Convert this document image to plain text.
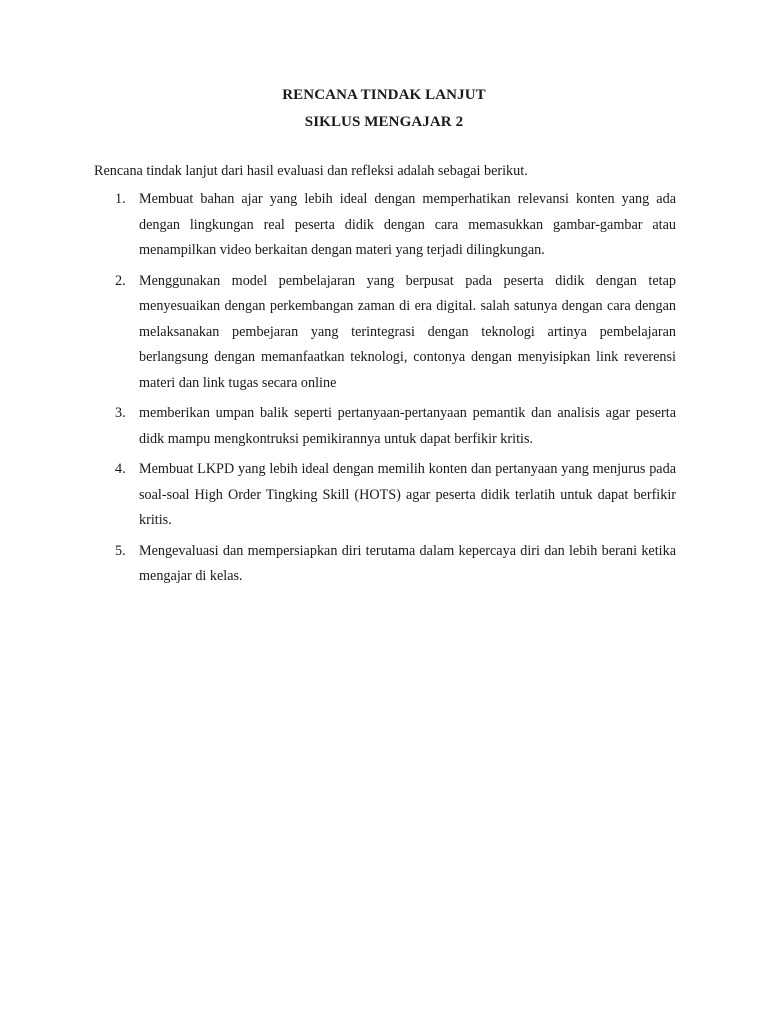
RENCANA TINDAK LANJUT
SIKLUS MENGAJAR 2
Rencana tindak lanjut dari hasil evaluasi dan refleksi adalah sebagai berikut.
1. Membuat bahan ajar yang lebih ideal dengan memperhatikan relevansi konten yang ada dengan lingkungan real peserta didik dengan cara memasukkan gambar-gambar atau menampilkan video berkaitan dengan materi yang terjadi dilingkungan.
2. Menggunakan model pembelajaran yang berpusat pada peserta didik dengan tetap menyesuaikan dengan perkembangan zaman di era digital. salah satunya dengan cara dengan melaksanakan pembejaran yang terintegrasi dengan teknologi artinya pembelajaran berlangsung dengan memanfaatkan teknologi, contonya dengan menyisipkan link reverensi materi dan link tugas secara online
3. memberikan umpan balik seperti pertanyaan-pertanyaan pemantik dan analisis agar peserta didk mampu mengkontruksi pemikirannya untuk dapat berfikir kritis.
4. Membuat LKPD yang lebih ideal dengan memilih konten dan pertanyaan yang menjurus pada soal-soal High Order Tingking Skill (HOTS) agar peserta didik terlatih untuk dapat berfikir kritis.
5. Mengevaluasi dan mempersiapkan diri terutama dalam kepercaya diri dan lebih berani ketika mengajar di kelas.
